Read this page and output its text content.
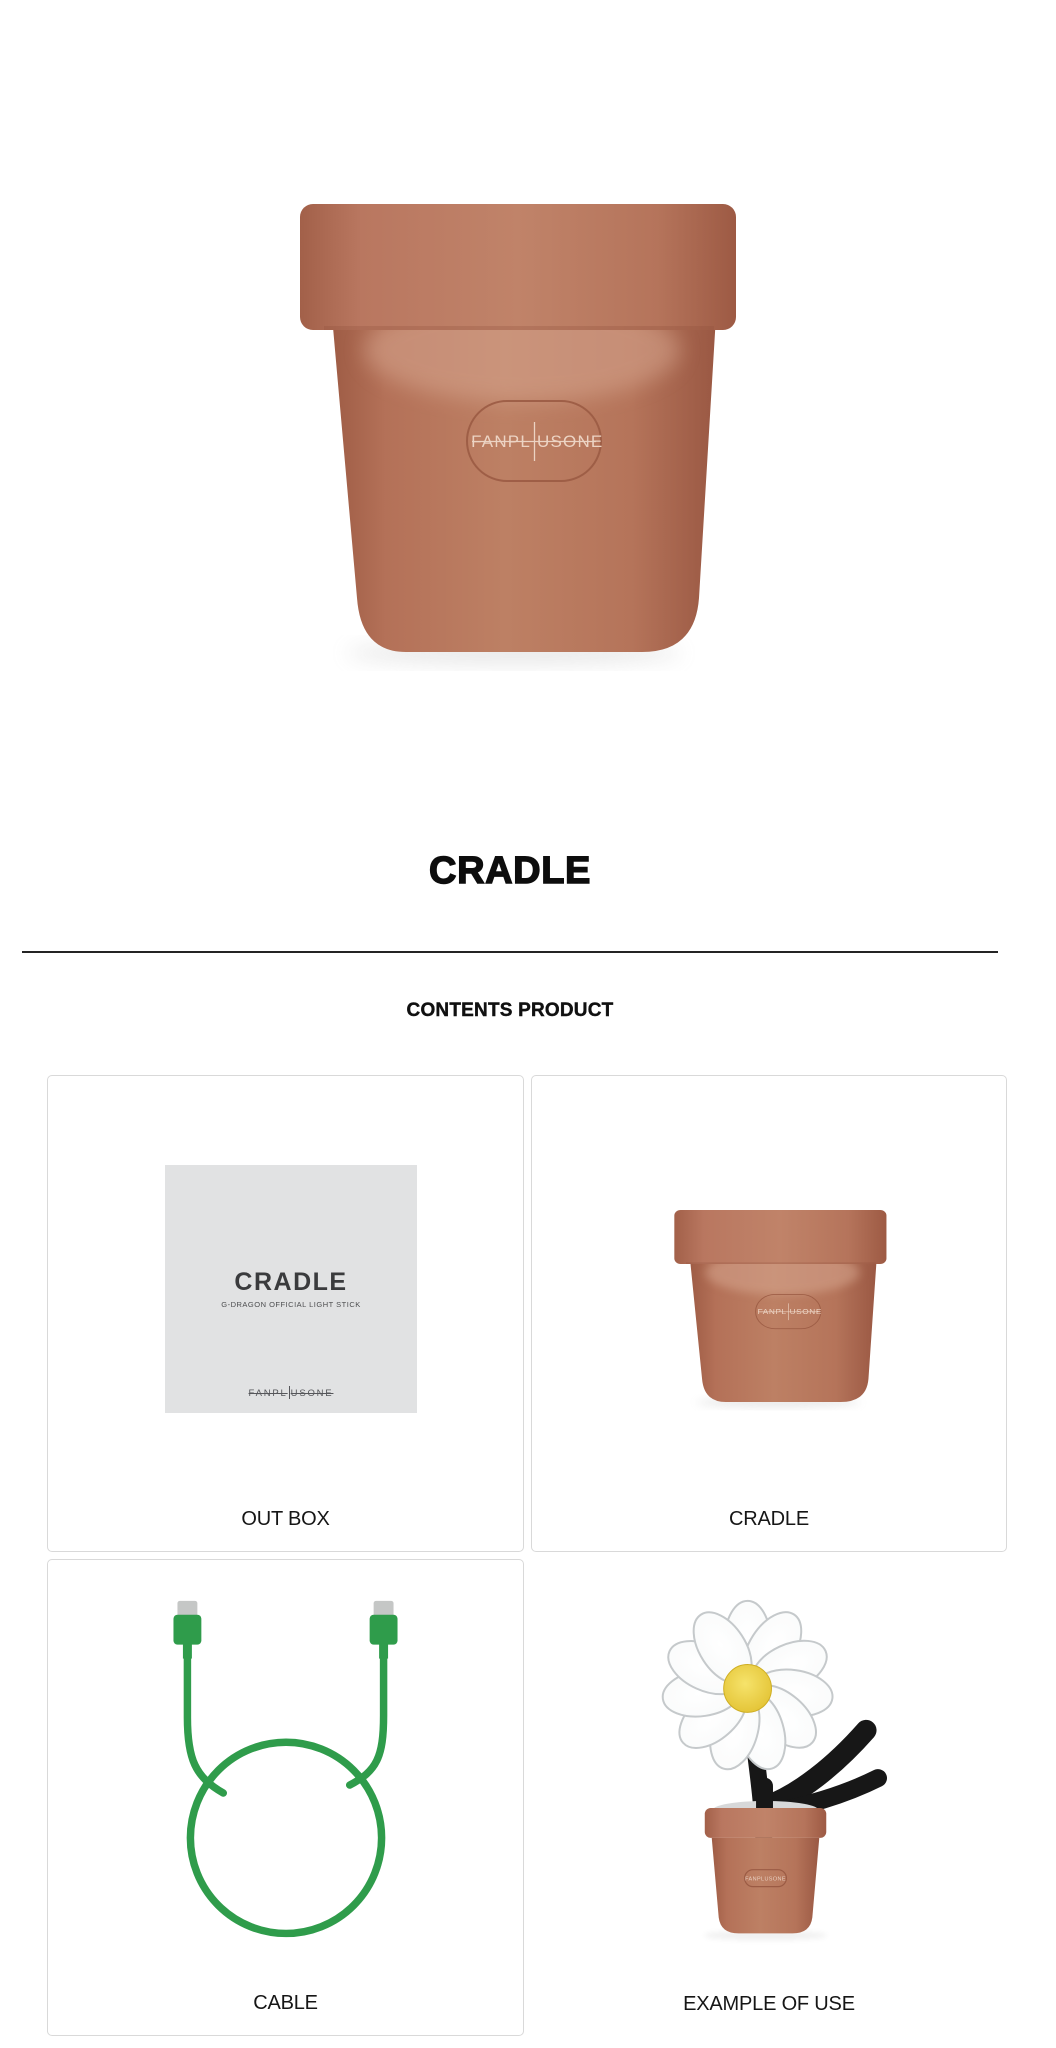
CRADLE
CONTENTS PRODUCT
CRADLE
G-DRAGON OFFICIAL LIGHT STICK
FANPL USONE
OUT BOX	CRADLE
CABLE
FANPLUSONE
EXAMPLE OF USE
